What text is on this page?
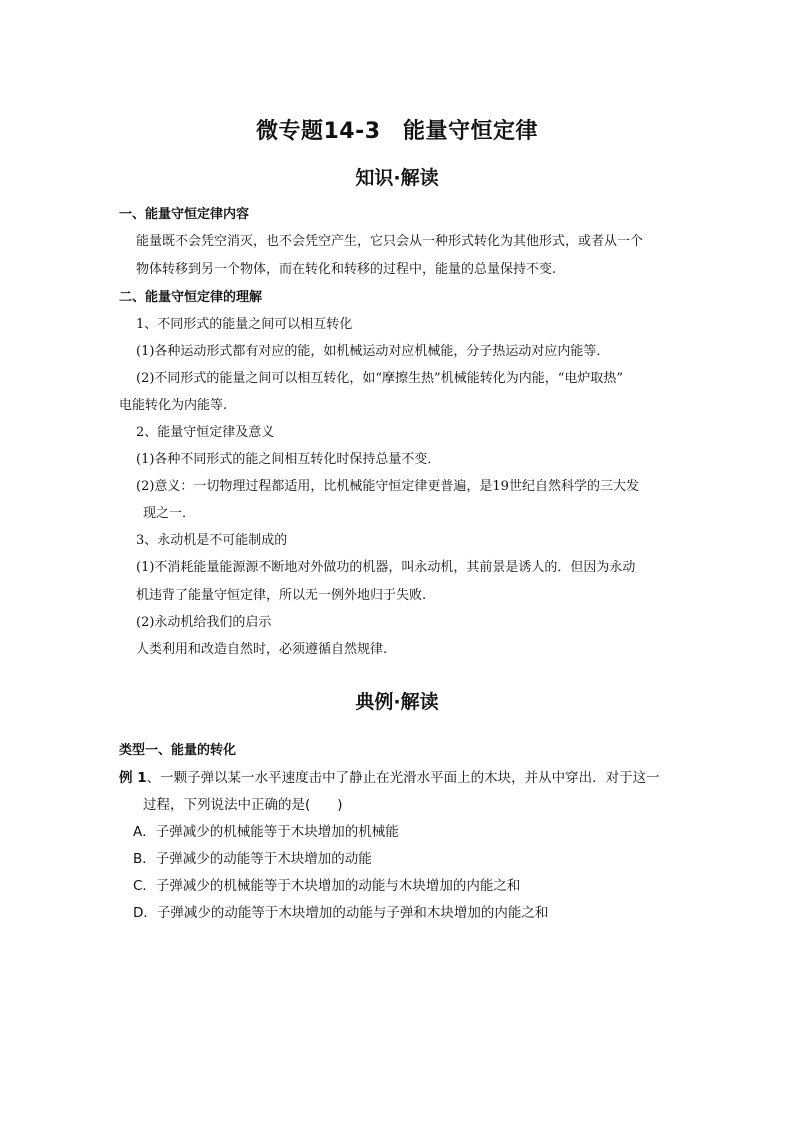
微专题14-3　能量守恒定律
知识·解读
一、能量守恒定律内容
能量既不会凭空消灭，也不会凭空产生，它只会从一种形式转化为其他形式，或者从一个
物体转移到另一个物体，而在转化和转移的过程中，能量的总量保持不变.
二、能量守恒定律的理解
1、不同形式的能量之间可以相互转化
(1)各种运动形式都有对应的能，如机械运动对应机械能，分子热运动对应内能等．
(2)不同形式的能量之间可以相互转化，如“摩擦生热”机械能转化为内能，“电炉取热”
电能转化为内能等.
2、能量守恒定律及意义
(1)各种不同形式的能之间相互转化时保持总量不变．
(2)意义：一切物理过程都适用，比机械能守恒定律更普遍，是19世纪自然科学的三大发
现之一．
3、永动机是不可能制成的
(1)不消耗能量能源源不断地对外做功的机器，叫永动机，其前景是诱人的．但因为永动
机违背了能量守恒定律，所以无一例外地归于失败.
(2)永动机给我们的启示
人类利用和改造自然时，必须遵循自然规律.
典例·解读
类型一、能量的转化
例 1、一颗子弹以某一水平速度击中了静止在光滑水平面上的木块，并从中穿出．对于这一
过程，下列说法中正确的是(　　)
A．子弹减少的机械能等于木块增加的机械能
B．子弹减少的动能等于木块增加的动能
C．子弹减少的机械能等于木块增加的动能与木块增加的内能之和
D．子弹减少的动能等于木块增加的动能与子弹和木块增加的内能之和
